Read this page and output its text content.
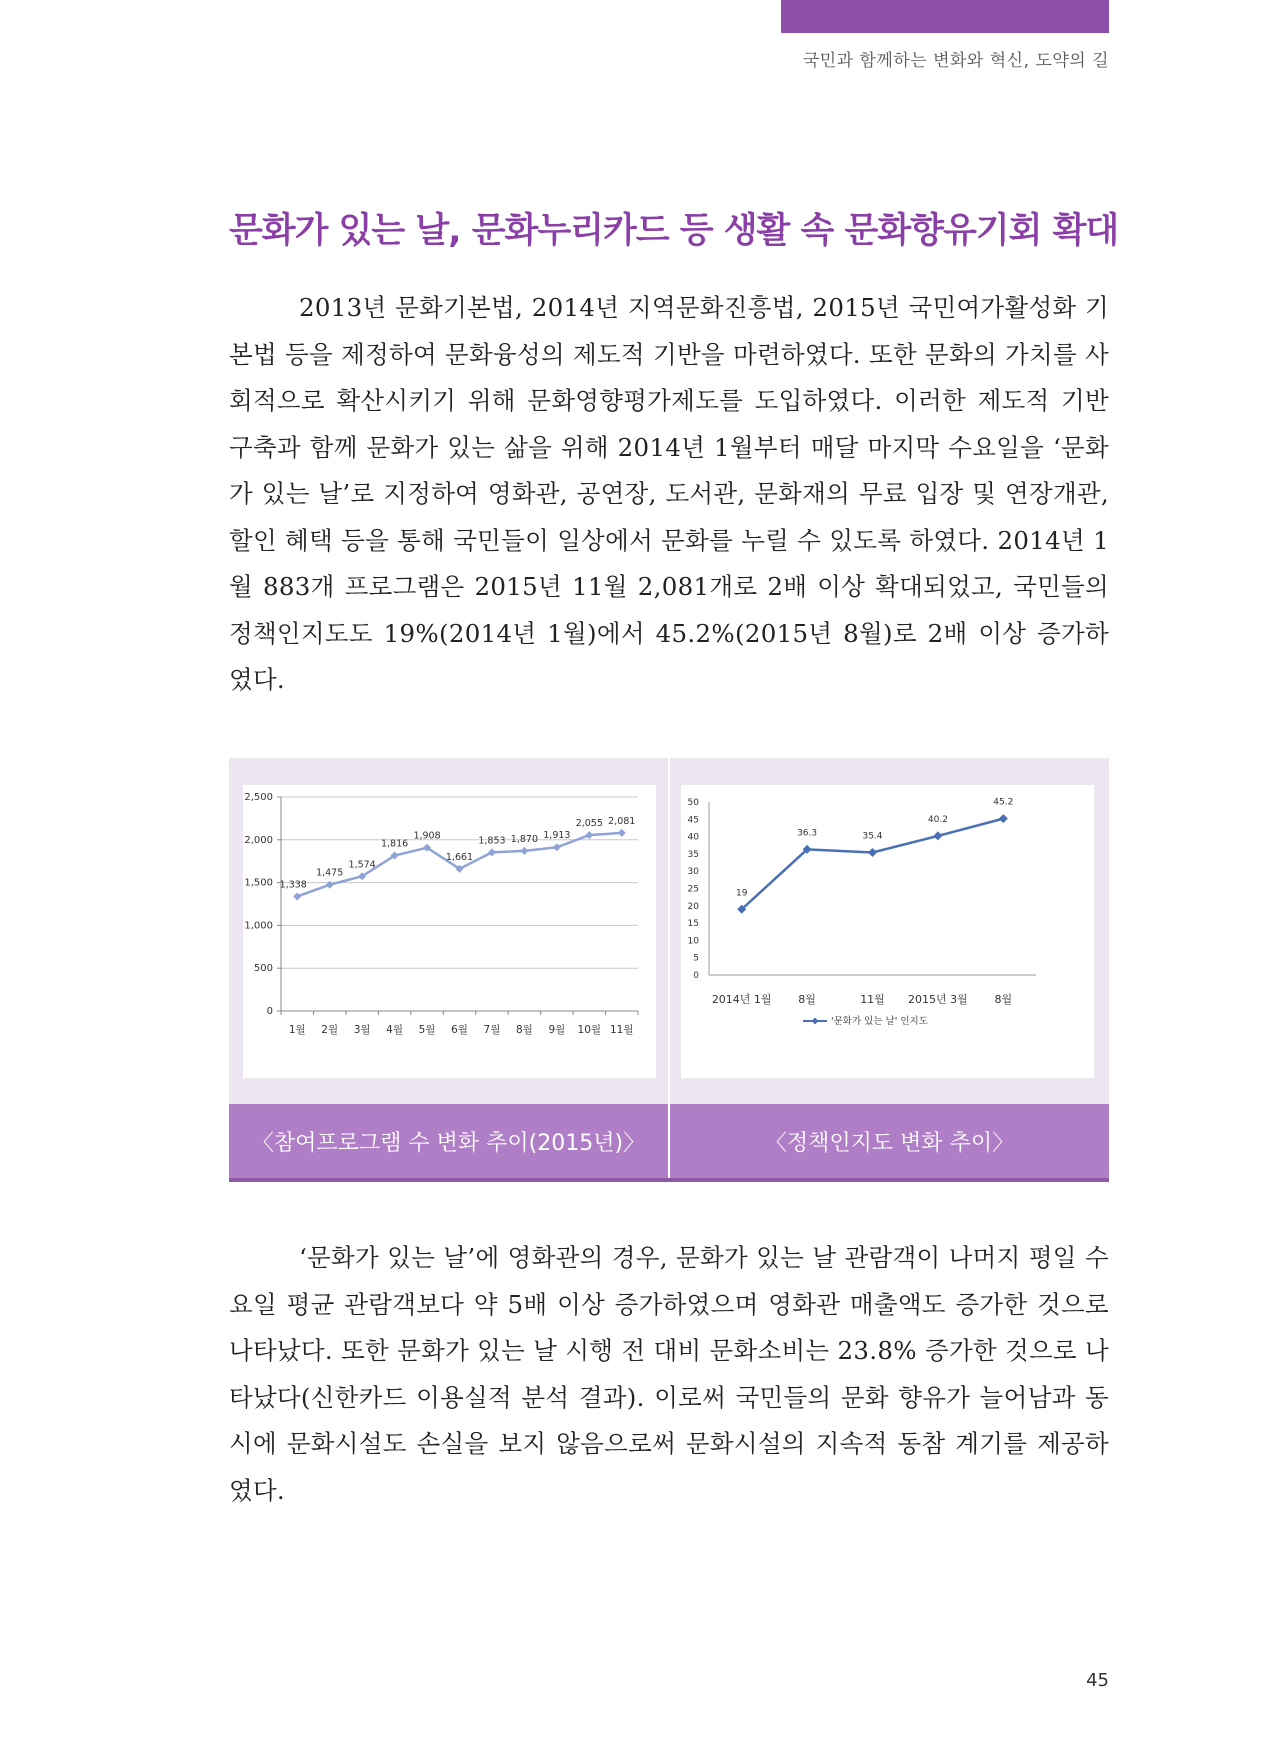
국민과 함께하는 변화와 혁신, 도약의 길
문화가 있는 날, 문화누리카드 등 생활 속 문화향유기회 확대
2013년 문화기본법, 2014년 지역문화진흥법, 2015년 국민여가활성화 기본법 등을 제정하여 문화융성의 제도적 기반을 마련하였다. 또한 문화의 가치를 사회적으로 확산시키기 위해 문화영향평가제도를 도입하였다. 이러한 제도적 기반 구축과 함께 문화가 있는 삶을 위해 2014년 1월부터 매달 마지막 수요일을 ‘문화가 있는 날’로 지정하여 영화관, 공연장, 도서관, 문화재의 무료 입장 및 연장개관, 할인 혜택 등을 통해 국민들이 일상에서 문화를 누릴 수 있도록 하였다. 2014년 1월 883개 프로그램은 2015년 11월 2,081개로 2배 이상 확대되었고, 국민들의 정책인지도도 19%(2014년 1월)에서 45.2%(2015년 8월)로 2배 이상 증가하였다.
0
500
1,000
1,500
2,000
2,500
1월 2월 3월 4월 5월 6월 7월 8월 9월 10월 11월
1,338
1,475
1,574
1,816
1,908
1,661
1,853 1,870 1,913
2,055 2,081
0
5
10
15
20
25
30
35
40
45
50
2014년 1월 8월	11월 2015년 3월 8월
19
36.3	35.4
40.2
45.2
'문화가 있는 날' 인지도
〈참여프로그램 수 변화 추이(2015년)〉	〈정책인지도 변화 추이〉
‘문화가 있는 날’에 영화관의 경우, 문화가 있는 날 관람객이 나머지 평일 수요일 평균 관람객보다 약 5배 이상 증가하였으며 영화관 매출액도 증가한 것으로 나타났다. 또한 문화가 있는 날 시행 전 대비 문화소비는 23.8% 증가한 것으로 나타났다(신한카드 이용실적 분석 결과). 이로써 국민들의 문화 향유가 늘어남과 동시에 문화시설도 손실을 보지 않음으로써 문화시설의 지속적 동참 계기를 제공하였다.
45
